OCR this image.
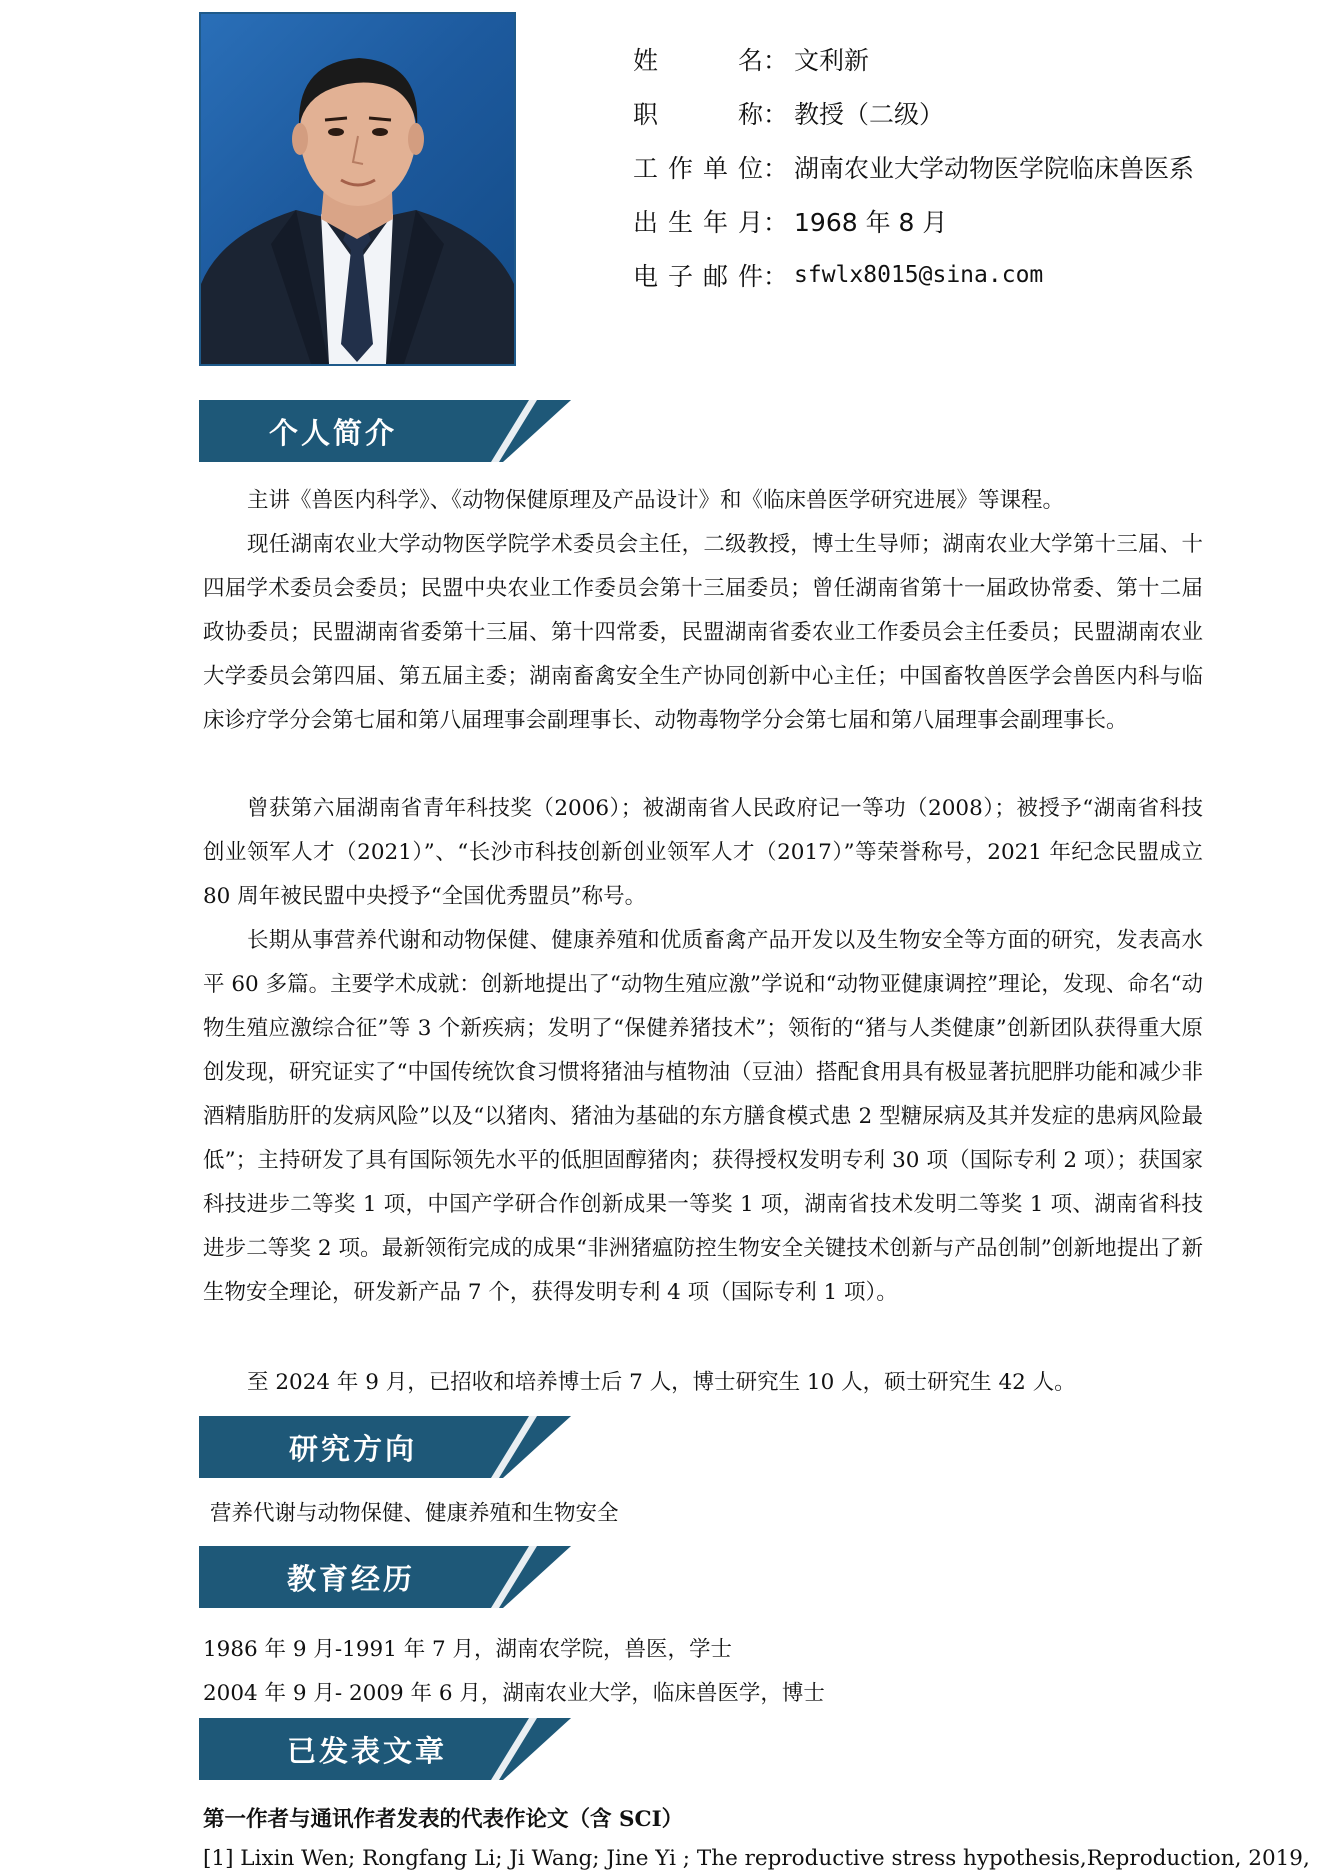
姓 名 ： 文利新
职 称 ： 教授（二级）
工作单位 ： 湖南农业大学动物医学院临床兽医系
出生年月 ： 1968 年 8 月
电子邮件 ： sfwlx8015@sina.com
个人简介

主讲《兽医内科学》、《动物保健原理及产品设计》和《临床兽医学研究进展》等课程。

现任湖南农业大学动物医学院学术委员会主任，二级教授，博士生导师；湖南农业大学第十三届、十四届学术委员会委员；民盟中央农业工作委员会第十三届委员；曾任湖南省第十一届政协常委、第十二届政协委员；民盟湖南省委第十三届、第十四常委，民盟湖南省委农业工作委员会主任委员；民盟湖南农业大学委员会第四届、第五届主委；湖南畜禽安全生产协同创新中心主任；中国畜牧兽医学会兽医内科与临床诊疗学分会第七届和第八届理事会副理事长、动物毒物学分会第七届和第八届理事会副理事长。

曾获第六届湖南省青年科技奖（2006）；被湖南省人民政府记一等功（2008）；被授予“湖南省科技创业领军人才（2021）”、“长沙市科技创新创业领军人才（2017）”等荣誉称号，2021 年纪念民盟成立 80 周年被民盟中央授予“全国优秀盟员”称号。

长期从事营养代谢和动物保健、健康养殖和优质畜禽产品开发以及生物安全等方面的研究，发表高水平 60 多篇。主要学术成就：创新地提出了“动物生殖应激”学说和“动物亚健康调控”理论，发现、命名“动物生殖应激综合征”等 3 个新疾病；发明了“保健养猪技术”；领衔的“猪与人类健康”创新团队获得重大原创发现，研究证实了“中国传统饮食习惯将猪油与植物油（豆油）搭配食用具有极显著抗肥胖功能和减少非酒精脂肪肝的发病风险”以及“以猪肉、猪油为基础的东方膳食模式患 2 型糖尿病及其并发症的患病风险最低”；主持研发了具有国际领先水平的低胆固醇猪肉；获得授权发明专利 30 项（国际专利 2 项）；获国家科技进步二等奖 1 项，中国产学研合作创新成果一等奖 1 项，湖南省技术发明二等奖 1 项、湖南省科技进步二等奖 2 项。最新领衔完成的成果“非洲猪瘟防控生物安全关键技术创新与产品创制”创新地提出了新生物安全理论，研发新产品 7 个，获得发明专利 4 项（国际专利 1 项）。

至 2024 年 9 月，已招收和培养博士后 7 人，博士研究生 10 人，硕士研究生 42 人。

研究方向
营养代谢与动物保健、健康养殖和生物安全
教育经历
1986 年 9 月-1991 年 7 月，湖南农学院，兽医，学士
2004 年 9 月- 2009 年 6 月，湖南农业大学，临床兽医学，博士
已发表文章
第一作者与通讯作者发表的代表作论文（含 SCI）
[1] Lixin Wen; Rongfang Li; Ji Wang; Jine Yi ; The reproductive stress hypothesis,Reproduction, 2019,
